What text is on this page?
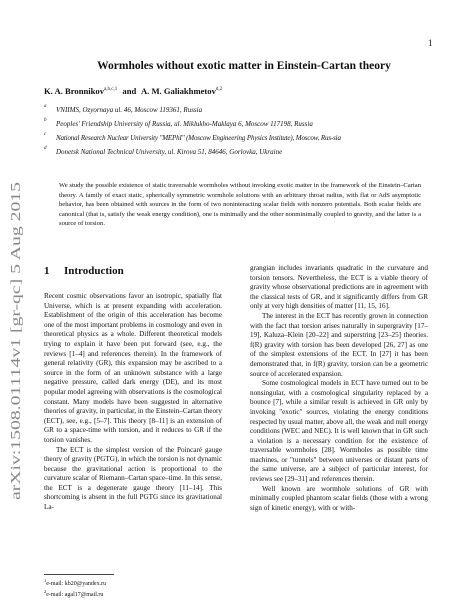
1
arXiv:1508.01114v1 [gr-qc] 5 Aug 2015
Wormholes without exotic matter in Einstein-Cartan theory
K. A. Bronnikov$^{a,b,c,1}$ and A. M. Galiakhmetov$^{d,2}$
a VNIIMS, Ozyornaya ul. 46, Moscow 119361, Russia
b Peoples' Friendship University of Russia, ul. Miklukho-Maklaya 6, Moscow 117198, Russia
c National Research Nuclear University "MEPhI" (Moscow Engineering Physics Institute), Moscow, Rus-sia
d Donetsk National Technical University, ul. Kirova 51, 84646, Gorlovka, Ukraine
We study the possible existence of static traversable wormholes without invoking exotic matter in the framework of the Einstein–Cartan theory. A family of exact static, spherically symmetric wormhole solutions with an arbitrary throat radius, with flat or AdS asymptotic behavior, has been obtained with sources in the form of two noninteracting scalar fields with nonzero potentials. Both scalar fields are canonical (that is, satisfy the weak energy condition), one is minimally and the other nonminimally coupled to gravity, and the latter is a source of torsion.
1 Introduction

Recent cosmic observations favor an isotropic, spatially flat Universe, which is at present expanding with acceleration. Establishment of the origin of this acceleration has become one of the most important problems in cosmology and even in theoretical physics as a whole. Different theoretical models trying to explain it have been put forward (see, e.g., the reviews [1–4] and references therein). In the framework of general relativity (GR), this expansion may be ascribed to a source in the form of an unknown substance with a large negative pressure, called dark energy (DE), and its most popular model agreeing with observations is the cosmological constant. Many models have been suggested in alternative theories of gravity, in particular, in the Einstein–Cartan theory (ECT), see, e.g., [5–7]. This theory [8–11] is an extension of GR to a space-time with torsion, and it reduces to GR if the torsion vanishes.

The ECT is the simplest version of the Poincaré gauge theory of gravity (PGTG), in which the torsion is not dynamic because the gravitational action is proportional to the curvature scalar of Riemann–Cartan space–time. In this sense, the ECT is a degenerate gauge theory [11–14]. This shortcoming is absent in the full PGTG since its gravitational La-

grangian includes invariants quadratic in the curvature and torsion tensors. Nevertheless, the ECT is a viable theory of gravity whose observational predictions are in agreement with the classical tests of GR, and it significantly differs from GR only at very high densities of matter [11, 15, 16].

The interest in the ECT has recently grown in connection with the fact that torsion arises naturally in supergravity [17–19], Kaluza–Klein [20–22] and superstring [23–25] theories. f(R) gravity with torsion has been developed [26, 27] as one of the simplest extensions of the ECT. In [27] it has been demonstrated that, in f(R) gravity, torsion can be a geometric source of accelerated expansion.

Some cosmological models in ECT have turned out to be nonsingular, with a cosmological singularity replaced by a bounce [7], while a similar result is achieved in GR only by invoking "exotic" sources, violating the energy conditions respected by usual matter, above all, the weak and null energy conditions (WEC and NEC). It is well known that in GR such a violation is a necessary condition for the existence of traversable wormholes [28]. Wormholes as possible time machines, or "tunnels" between universes or distant parts of the same universe, are a subject of particular interest, for reviews see [29–31] and references therein.

Well known are wormhole solutions of GR with minimally coupled phantom scalar fields (those with a wrong sign of kinetic energy), with or with-

$^1$e-mail: kb20@yandex.ru
$^2$e-mail: agal17@mail.ru
